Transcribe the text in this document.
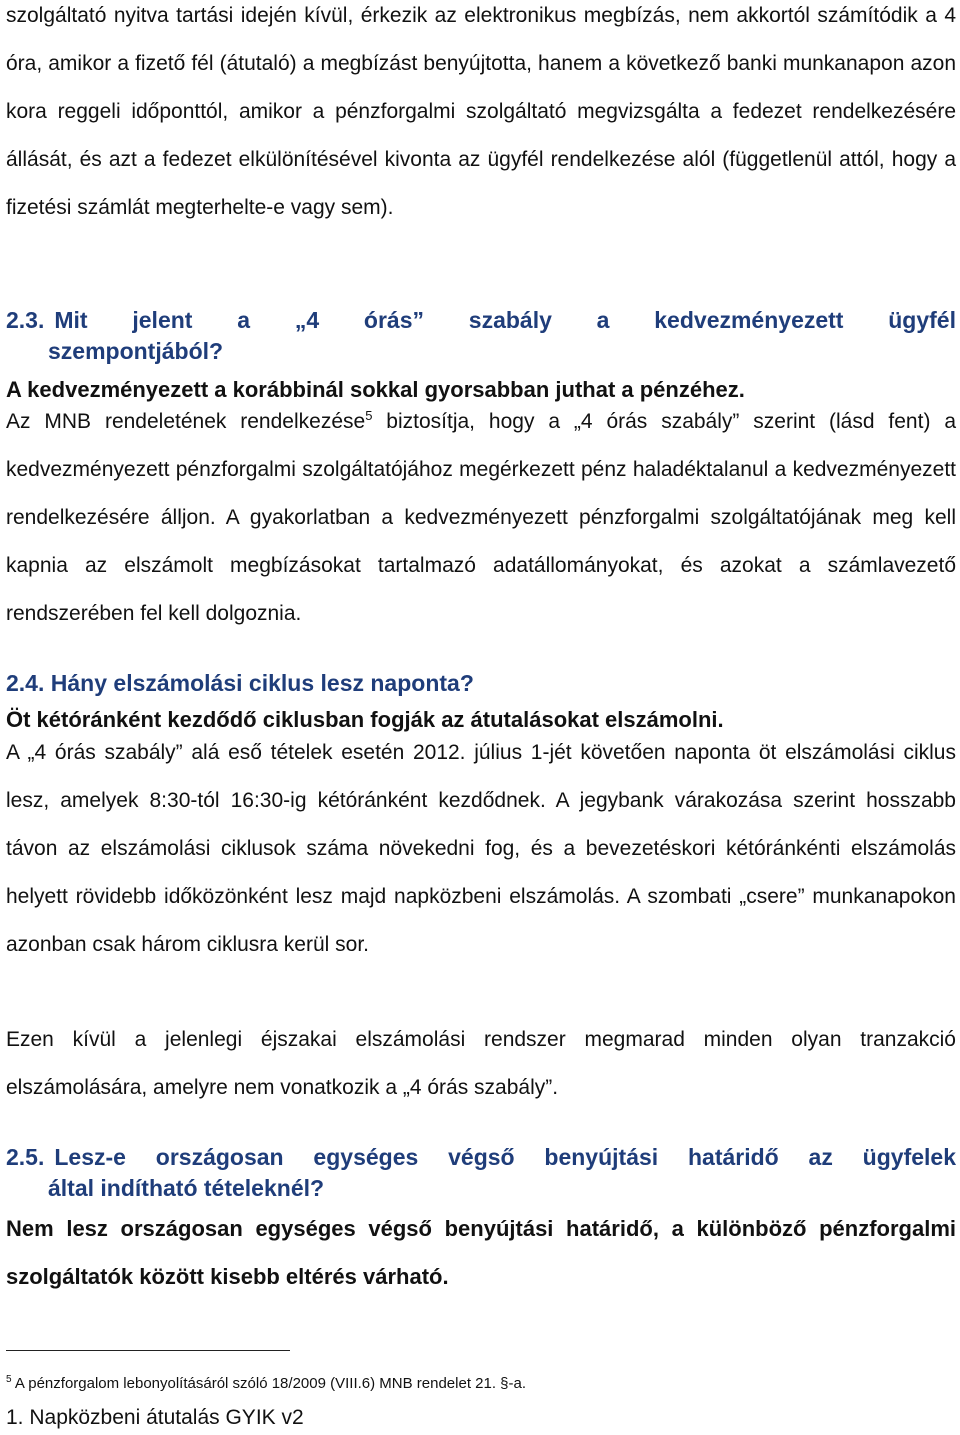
szolgáltató nyitva tartási idején kívül, érkezik az elektronikus megbízás, nem akkortól számítódik a 4 óra, amikor a fizető fél (átutaló) a megbízást benyújtotta, hanem a következő banki munkanapon azon kora reggeli időponttól, amikor a pénzforgalmi szolgáltató megvizsgálta a fedezet rendelkezésére állását, és azt a fedezet elkülönítésével kivonta az ügyfél rendelkezése alól (függetlenül attól, hogy a fizetési számlát megterhelte-e vagy sem).

2.3. Mit jelent a „4 órás” szabály a kedvezményezett ügyfél
szempontjából?

A kedvezményezett a korábbinál sokkal gyorsabban juthat a pénzéhez.

Az MNB rendeletének rendelkezése$^5$ biztosítja, hogy a „4 órás szabály” szerint (lásd fent) a kedvezményezett pénzforgalmi szolgáltatójához megérkezett pénz haladéktalanul a kedvezményezett rendelkezésére álljon. A gyakorlatban a kedvezményezett pénzforgalmi szolgáltatójának meg kell kapnia az elszámolt megbízásokat tartalmazó adatállományokat, és azokat a számlavezető rendszerében fel kell dolgoznia.

2.4. Hány elszámolási ciklus lesz naponta?

Öt kétóránként kezdődő ciklusban fogják az átutalásokat elszámolni.

A „4 órás szabály” alá eső tételek esetén 2012. július 1-jét követően naponta öt elszámolási ciklus lesz, amelyek 8:30-tól 16:30-ig kétóránként kezdődnek. A jegybank várakozása szerint hosszabb távon az elszámolási ciklusok száma növekedni fog, és a bevezetéskori kétóránkénti elszámolás helyett rövidebb időközönként lesz majd napközbeni elszámolás. A szombati „csere” munkanapokon azonban csak három ciklusra kerül sor.

Ezen kívül a jelenlegi éjszakai elszámolási rendszer megmarad minden olyan tranzakció elszámolására, amelyre nem vonatkozik a „4 órás szabály”.

2.5. Lesz-e országosan egységes végső benyújtási határidő az ügyfelek
által indítható tételeknél?

Nem lesz országosan egységes végső benyújtási határidő, a különböző pénzforgalmi szolgáltatók között kisebb eltérés várható.

$^5$ A pénzforgalom lebonyolításáról szóló 18/2009 (VIII.6) MNB rendelet 21. §-a.

1. Napközbeni átutalás GYIK v2
